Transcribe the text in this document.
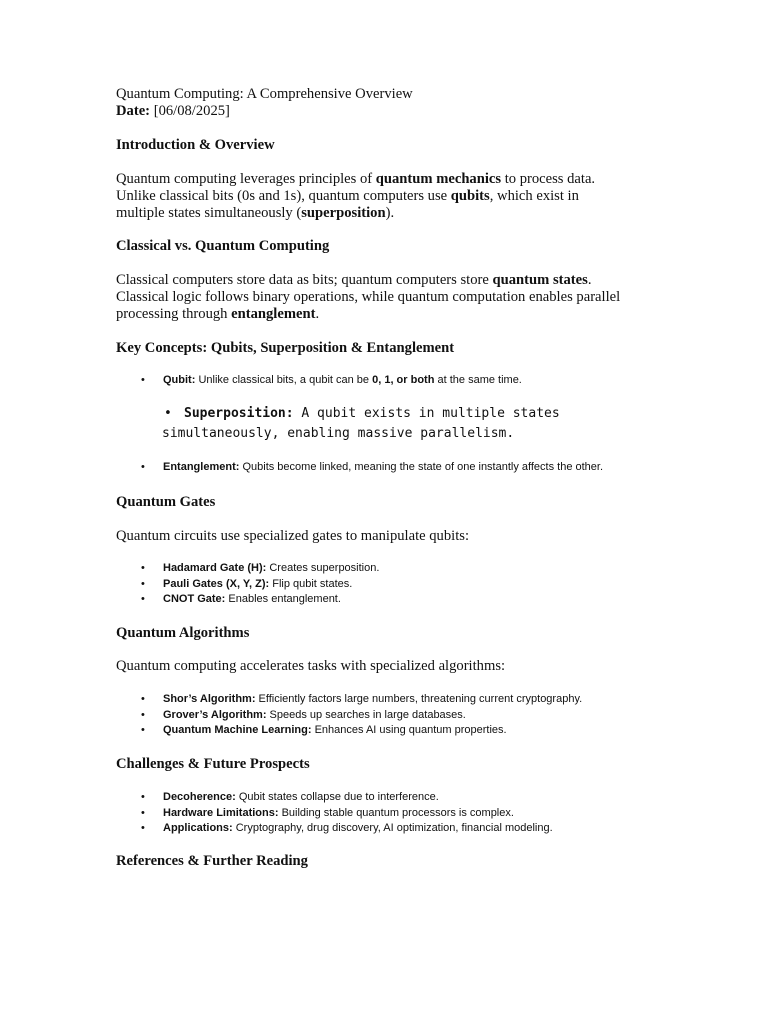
Quantum Computing: A Comprehensive Overview
Date: [06/08/2025]
Introduction & Overview
Quantum computing leverages principles of quantum mechanics to process data.
Unlike classical bits (0s and 1s), quantum computers use qubits, which exist in
multiple states simultaneously (superposition).
Classical vs. Quantum Computing
Classical computers store data as bits; quantum computers store quantum states.
Classical logic follows binary operations, while quantum computation enables parallel
processing through entanglement.
Key Concepts: Qubits, Superposition & Entanglement
• Qubit: Unlike classical bits, a qubit can be 0, 1, or both at the same time.
• Superposition: A qubit exists in multiple states
simultaneously, enabling massive parallelism.
• Entanglement: Qubits become linked, meaning the state of one instantly affects the other.
Quantum Gates
Quantum circuits use specialized gates to manipulate qubits:
• Hadamard Gate (H): Creates superposition.
• Pauli Gates (X, Y, Z): Flip qubit states.
• CNOT Gate: Enables entanglement.
Quantum Algorithms
Quantum computing accelerates tasks with specialized algorithms:
• Shor’s Algorithm: Efficiently factors large numbers, threatening current cryptography.
• Grover’s Algorithm: Speeds up searches in large databases.
• Quantum Machine Learning: Enhances AI using quantum properties.
Challenges & Future Prospects
• Decoherence: Qubit states collapse due to interference.
• Hardware Limitations: Building stable quantum processors is complex.
• Applications: Cryptography, drug discovery, AI optimization, financial modeling.
References & Further Reading
